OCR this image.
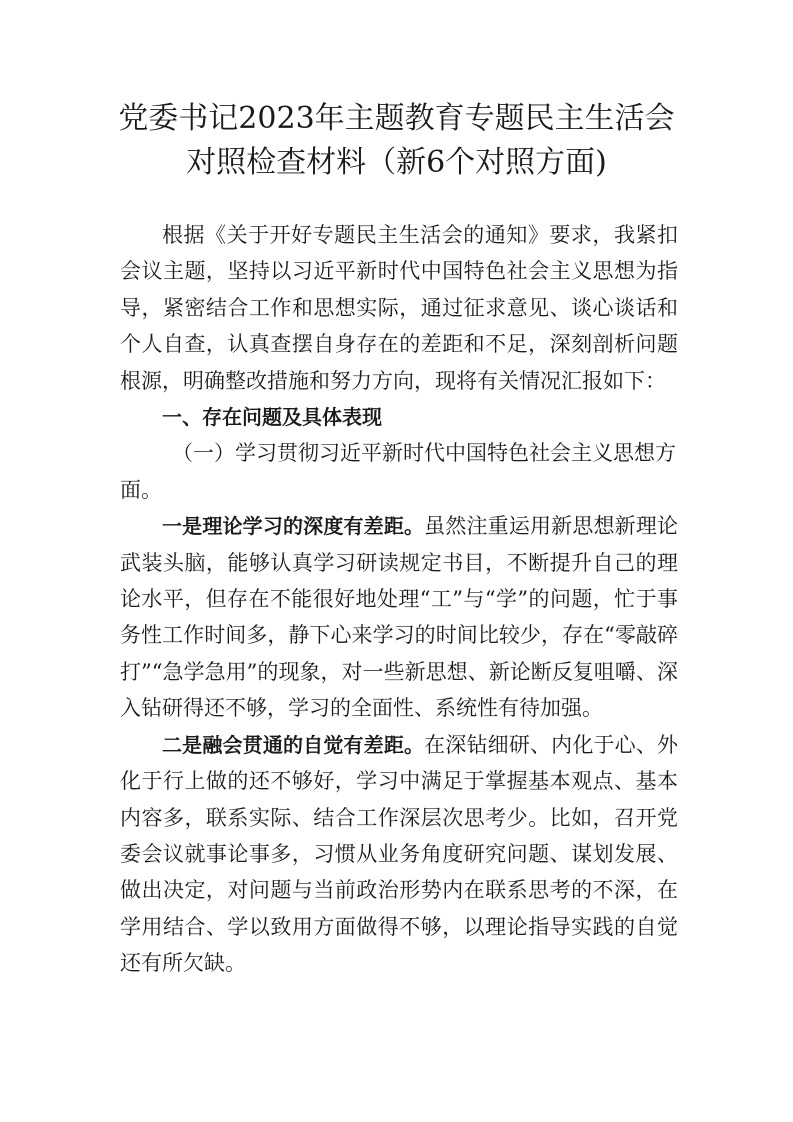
党委书记2023年主题教育专题民主生活会
对照检查材料（新6个对照方面)

根据《关于开好专题民主生活会的通知》要求，我紧扣会议主题，坚持以习近平新时代中国特色社会主义思想为指导，紧密结合工作和思想实际，通过征求意见、谈心谈话和个人自查，认真查摆自身存在的差距和不足，深刻剖析问题根源，明确整改措施和努力方向，现将有关情况汇报如下：

一、存在问题及具体表现

（一）学习贯彻习近平新时代中国特色社会主义思想方面。

一是理论学习的深度有差距。虽然注重运用新思想新理论武装头脑，能够认真学习研读规定书目，不断提升自己的理论水平，但存在不能很好地处理“工”与“学”的问题，忙于事务性工作时间多，静下心来学习的时间比较少，存在“零敲碎打”“急学急用”的现象，对一些新思想、新论断反复咀嚼、深入钻研得还不够，学习的全面性、系统性有待加强。

二是融会贯通的自觉有差距。在深钻细研、内化于心、外化于行上做的还不够好，学习中满足于掌握基本观点、基本内容多，联系实际、结合工作深层次思考少。比如，召开党委会议就事论事多，习惯从业务角度研究问题、谋划发展、做出决定，对问题与当前政治形势内在联系思考的不深，在学用结合、学以致用方面做得不够，以理论指导实践的自觉还有所欠缺。
